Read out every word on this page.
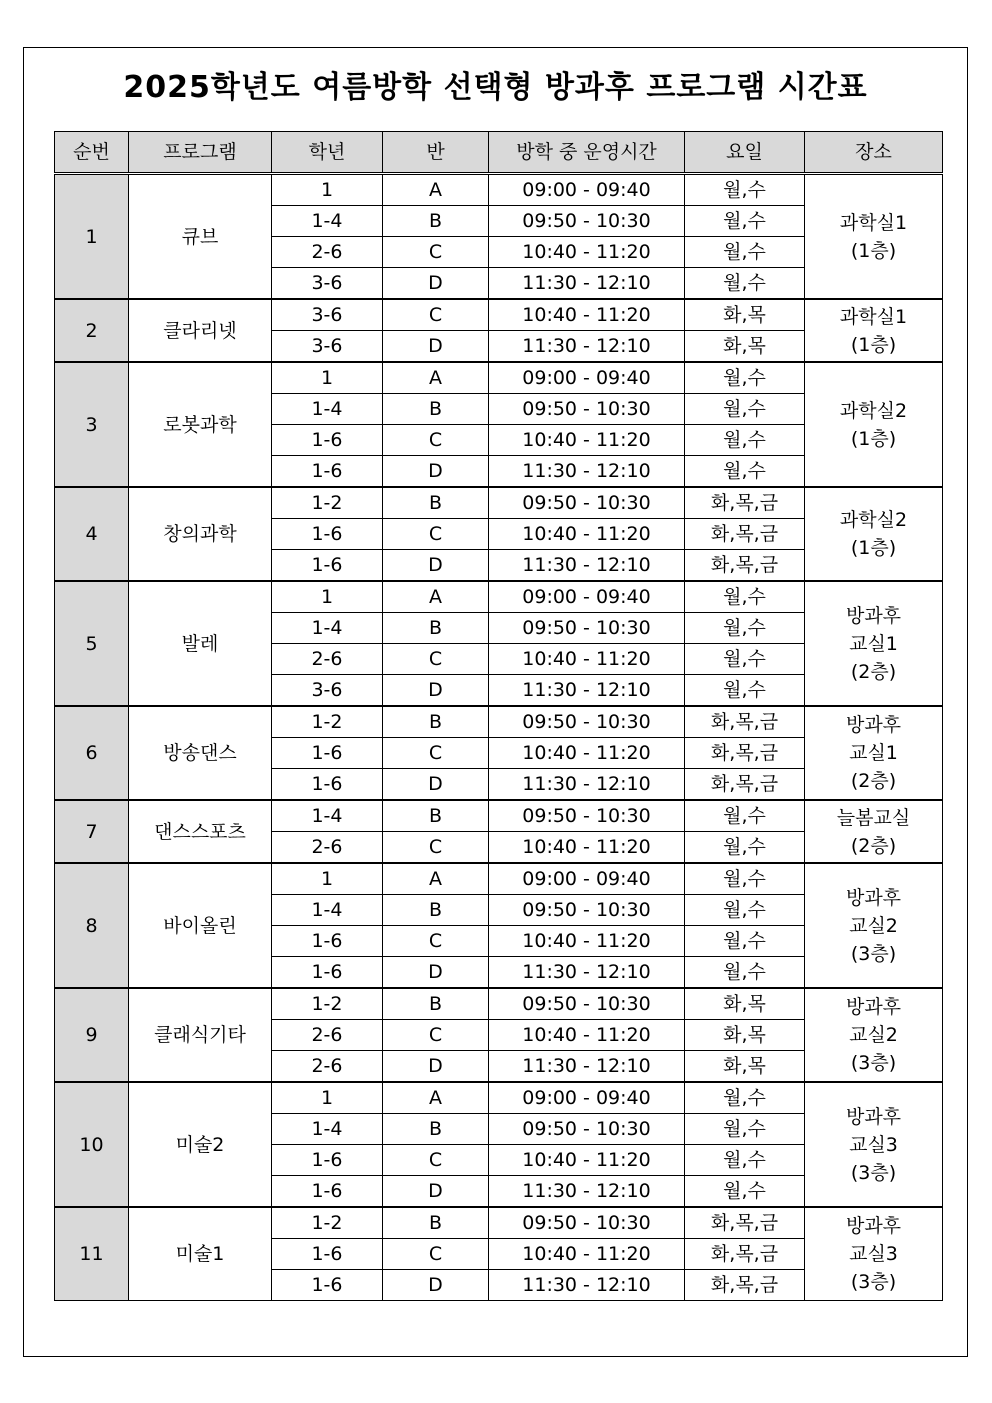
2025학년도 여름방학 선택형 방과후 프로그램 시간표
순번	프로그램	학년	반	방학 중 운영시간	요일	장소
1	큐브	1	A	09:00 - 09:40	월,수	과학실1
(1층)

		1-4	B	09:50 - 10:30	월,수	
		2-6	C	10:40 - 11:20	월,수	
		3-6	D	11:30 - 12:10	월,수	
2	클라리넷	3-6	C	10:40 - 11:20	화,목	과학실1
(1층)

		3-6	D	11:30 - 12:10	화,목	
3	로봇과학	1	A	09:00 - 09:40	월,수	과학실2
(1층)

		1-4	B	09:50 - 10:30	월,수	
		1-6	C	10:40 - 11:20	월,수	
		1-6	D	11:30 - 12:10	월,수	
4	창의과학	1-2	B	09:50 - 10:30	화,목,금	과학실2
(1층)

		1-6	C	10:40 - 11:20	화,목,금	
		1-6	D	11:30 - 12:10	화,목,금	
5	발레	1	A	09:00 - 09:40	월,수	방과후
교실1
(2층)

		1-4	B	09:50 - 10:30	월,수	
		2-6	C	10:40 - 11:20	월,수	
		3-6	D	11:30 - 12:10	월,수	
6	방송댄스	1-2	B	09:50 - 10:30	화,목,금	방과후
교실1
(2층)

		1-6	C	10:40 - 11:20	화,목,금	
		1-6	D	11:30 - 12:10	화,목,금	
7	댄스스포츠	1-4	B	09:50 - 10:30	월,수	늘봄교실
(2층)

		2-6	C	10:40 - 11:20	월,수	
8	바이올린	1	A	09:00 - 09:40	월,수	방과후
교실2
(3층)

		1-4	B	09:50 - 10:30	월,수	
		1-6	C	10:40 - 11:20	월,수	
		1-6	D	11:30 - 12:10	월,수	
9	클래식기타	1-2	B	09:50 - 10:30	화,목	방과후
교실2
(3층)

		2-6	C	10:40 - 11:20	화,목	
		2-6	D	11:30 - 12:10	화,목	
10	미술2	1	A	09:00 - 09:40	월,수	방과후
교실3
(3층)

		1-4	B	09:50 - 10:30	월,수	
		1-6	C	10:40 - 11:20	월,수	
		1-6	D	11:30 - 12:10	월,수	
11	미술1	1-2	B	09:50 - 10:30	화,목,금	방과후
교실3
(3층)

		1-6	C	10:40 - 11:20	화,목,금	
		1-6	D	11:30 - 12:10	화,목,금	
